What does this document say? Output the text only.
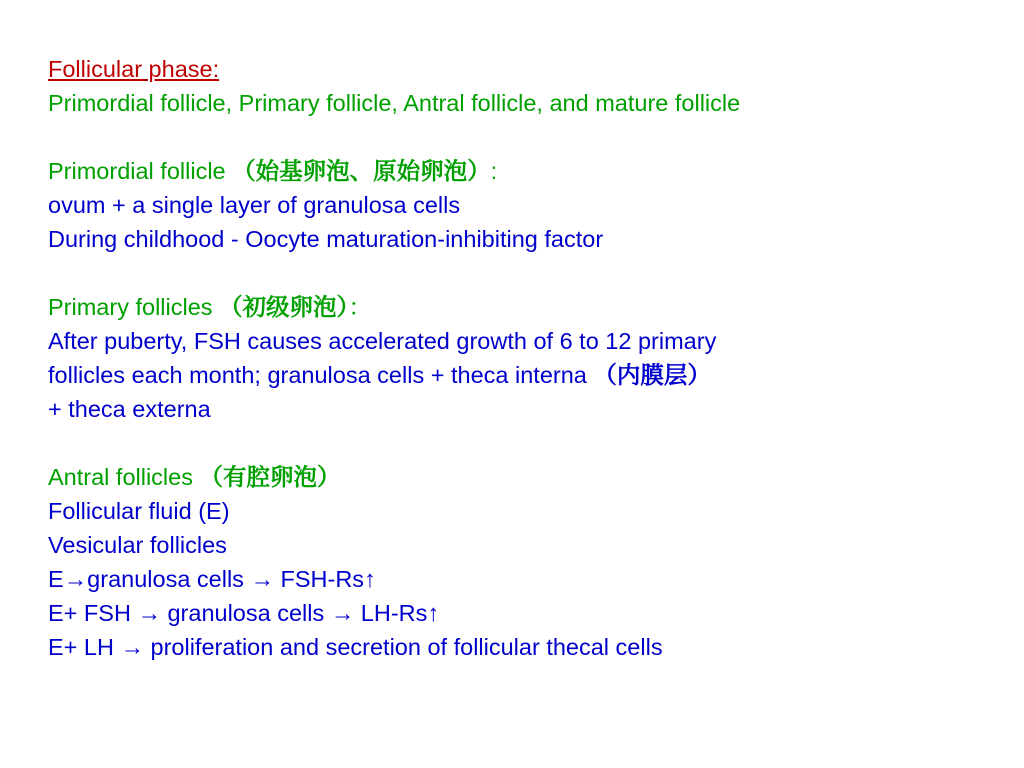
Follicular phase:
Primordial follicle, Primary follicle, Antral follicle, and mature follicle
Primordial follicle （始基卵泡、原始卵泡）:
ovum + a single layer of granulosa cells
During childhood - Oocyte maturation-inhibiting factor
Primary follicles （初级卵泡）：
After puberty, FSH causes accelerated growth of 6 to 12 primary
follicles each month; granulosa cells + theca interna （内膜层）
+ theca externa
Antral follicles （有腔卵泡）
Follicular fluid (E)
Vesicular follicles
E→granulosa cells → FSH-Rs↑
E+ FSH → granulosa cells → LH-Rs↑
E+ LH → proliferation and secretion of follicular thecal cells
